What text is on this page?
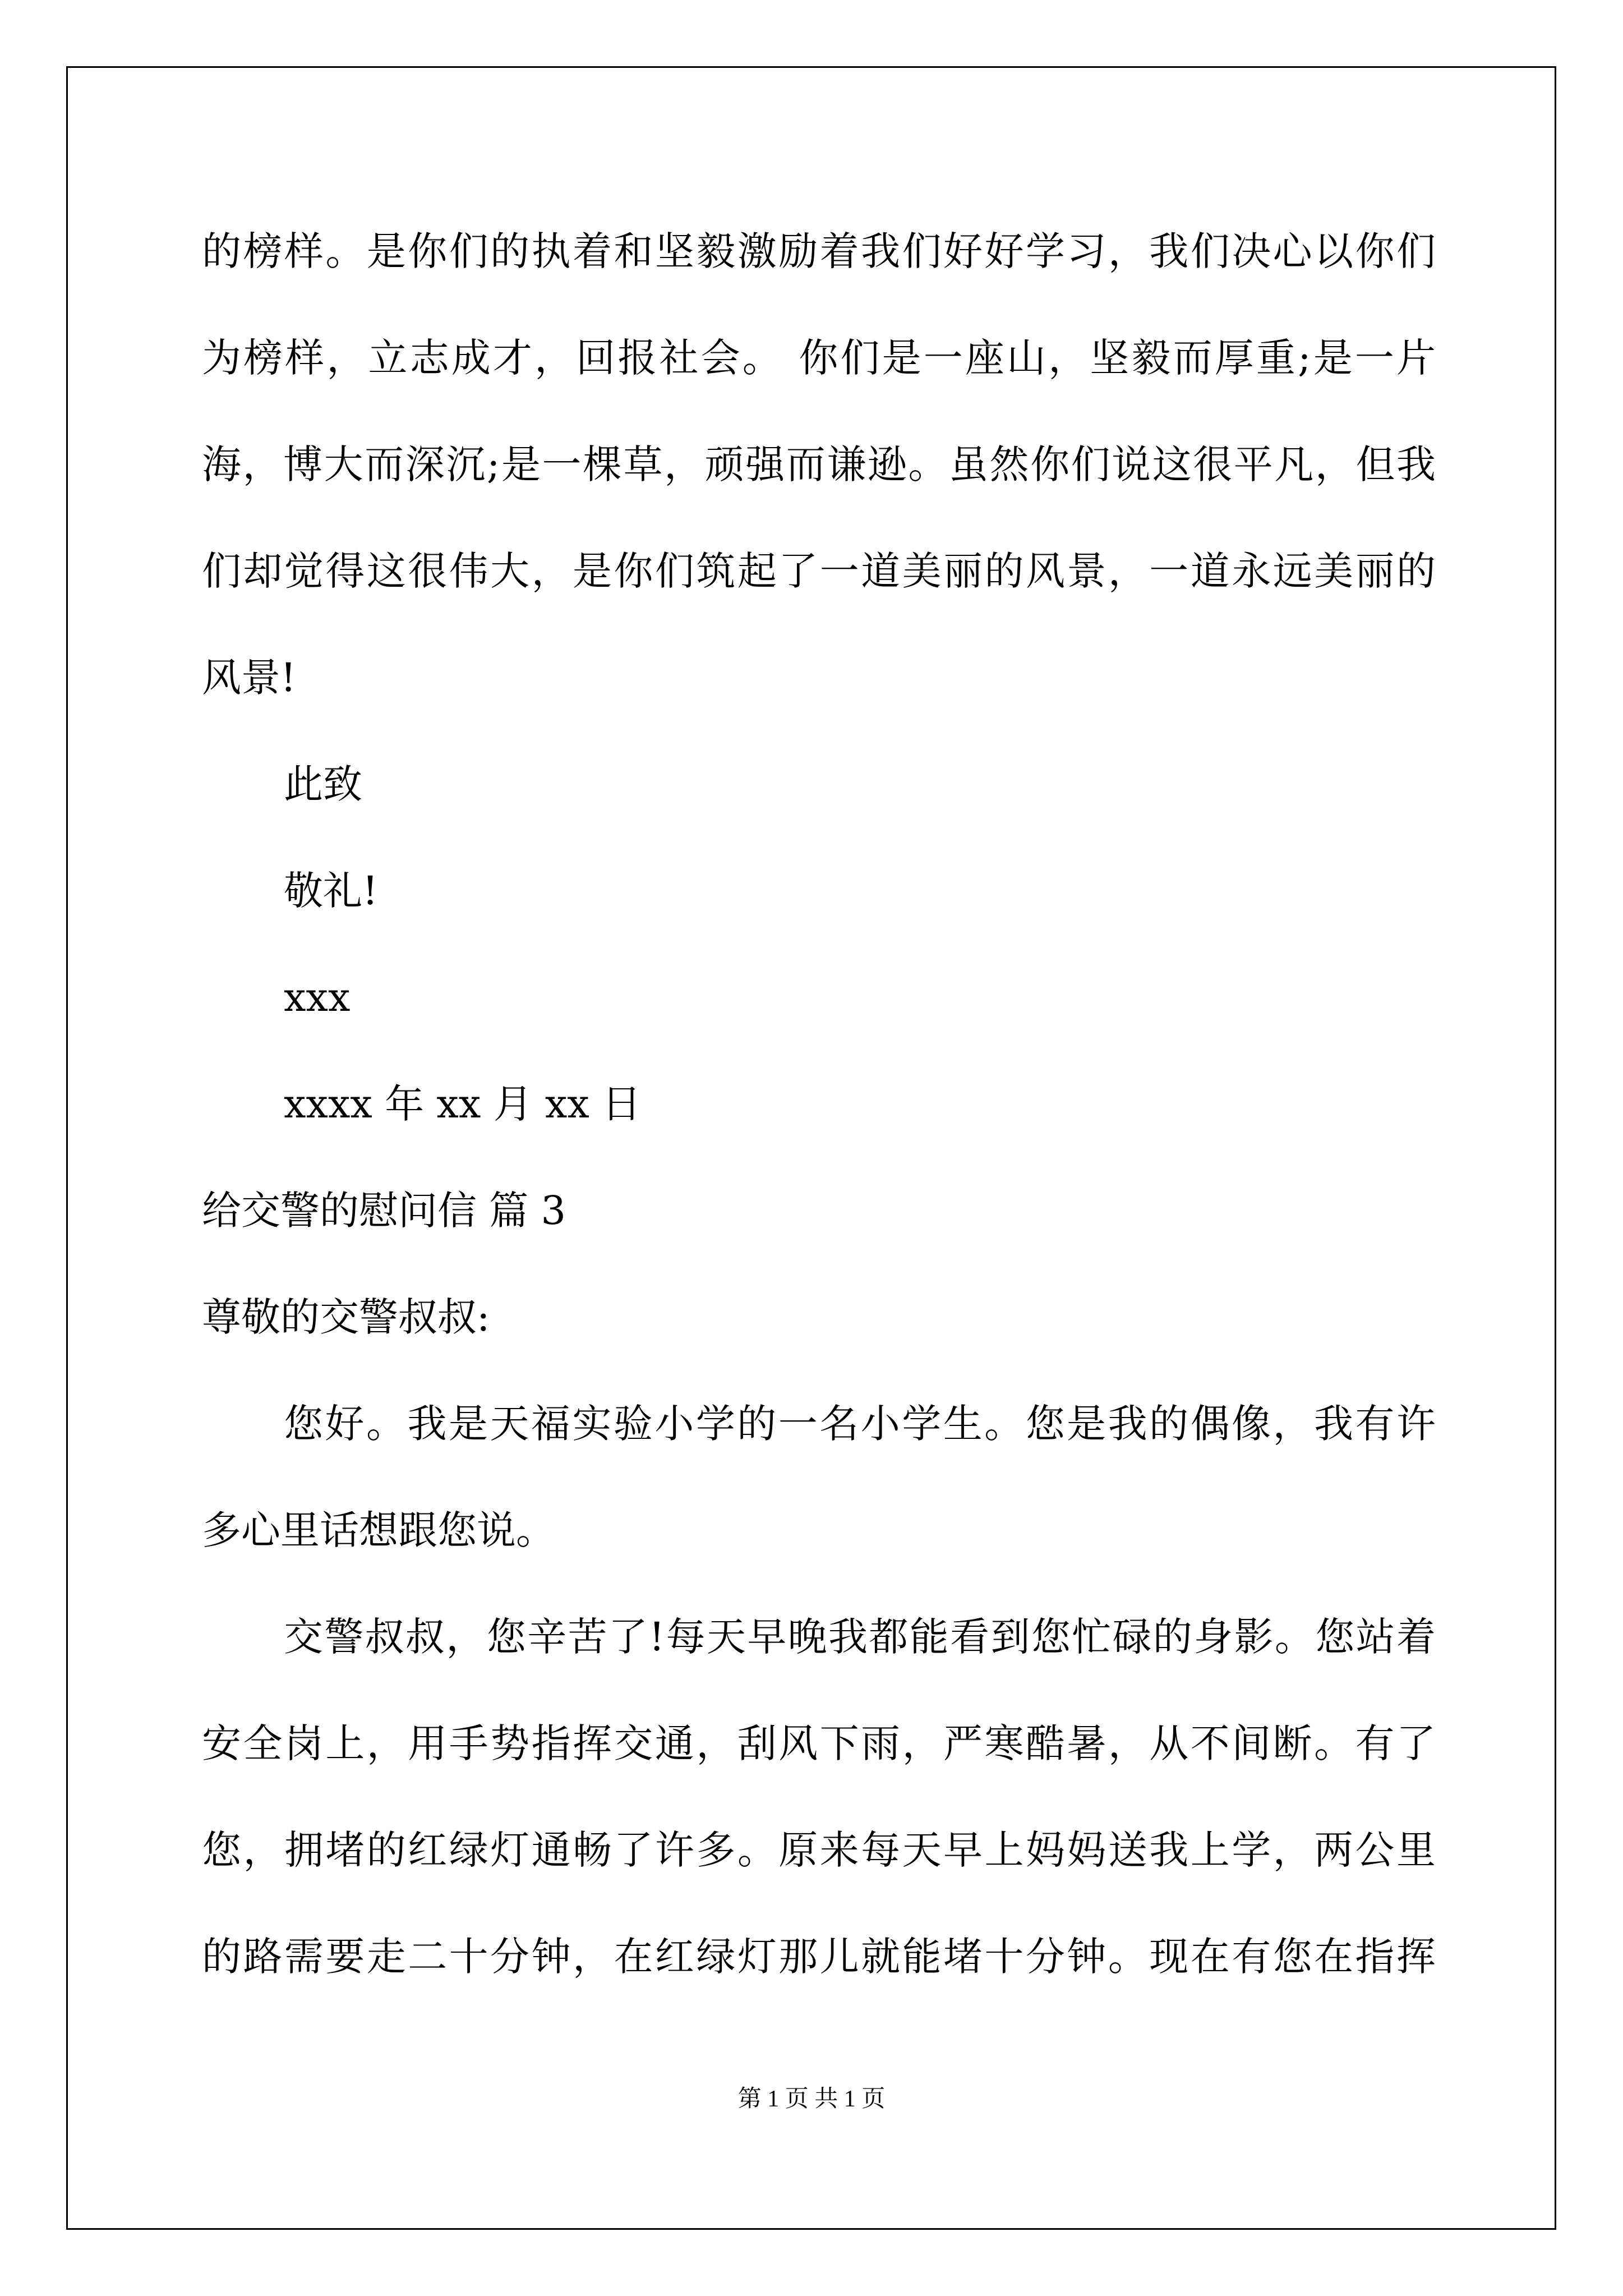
的榜样。是你们的执着和坚毅激励着我们好好学习，我们决心以你们
为榜样，立志成才，回报社会。 你们是一座山，坚毅而厚重;是一片
海，博大而深沉;是一棵草，顽强而谦逊。虽然你们说这很平凡，但我
们却觉得这很伟大，是你们筑起了一道美丽的风景，一道永远美丽的
风景!
此致
敬礼!
xxx
xxxx 年 xx 月 xx 日
给交警的慰问信 篇 3
尊敬的交警叔叔:
您好。我是天福实验小学的一名小学生。您是我的偶像，我有许
多心里话想跟您说。
交警叔叔，您辛苦了!每天早晚我都能看到您忙碌的身影。您站着
安全岗上，用手势指挥交通，刮风下雨，严寒酷暑，从不间断。有了
您，拥堵的红绿灯通畅了许多。原来每天早上妈妈送我上学，两公里
的路需要走二十分钟，在红绿灯那儿就能堵十分钟。现在有您在指挥
第 1 页 共 1 页
